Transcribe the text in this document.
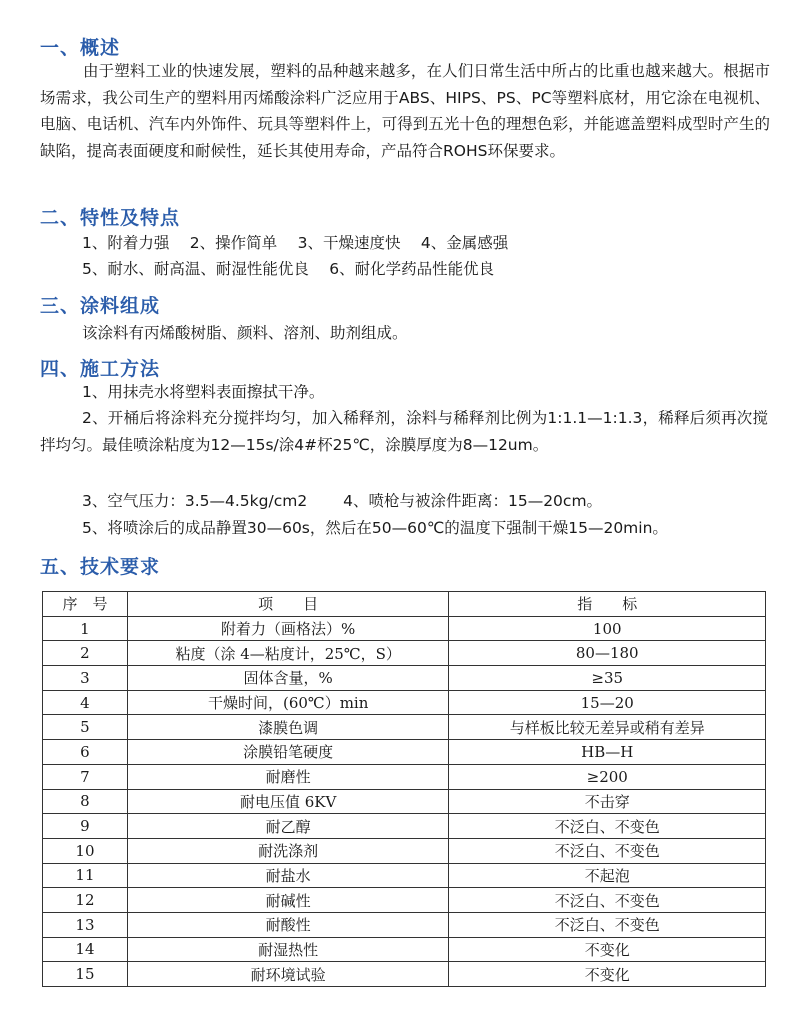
一、概述
由于塑料工业的快速发展，塑料的品种越来越多，在人们日常生活中所占的比重也越来越大。根据市场需求，我公司生产的塑料用丙烯酸涂料广泛应用于ABS、HIPS、PS、PC等塑料底材，用它涂在电视机、电脑、电话机、汽车内外饰件、玩具等塑料件上，可得到五光十色的理想色彩，并能遮盖塑料成型时产生的缺陷，提高表面硬度和耐候性，延长其使用寿命，产品符合ROHS环保要求。
二、特性及特点
1、附着力强　 2、操作简单　 3、干燥速度快　 4、金属感强
5、耐水、耐高温、耐湿性能优良　 6、耐化学药品性能优良
三、涂料组成
该涂料有丙烯酸树脂、颜料、溶剂、助剂组成。
四、施工方法
1、用抹壳水将塑料表面擦拭干净。
2、开桶后将涂料充分搅拌均匀，加入稀释剂，涂料与稀释剂比例为1:1.1—1:1.3，稀释后须再次搅拌均匀。最佳喷涂粘度为12—15s/涂4#杯25℃，涂膜厚度为8—12um。
3、空气压力：3.5—4.5kg/cm2　　 4、喷枪与被涂件距离：15—20cm。
5、将喷涂后的成品静置30—60s，然后在50—60℃的温度下强制干燥15—20min。
五、技术要求
序　号	项　　目	指　　标
1	附着力（画格法）%	100
2	粘度（涂 4—粘度计，25℃，S）	80—180
3	固体含量，%	≥35
4	干燥时间，(60℃）min	15—20
5	漆膜色调	与样板比较无差异或稍有差异
6	涂膜铅笔硬度	HB—H
7	耐磨性	≥200
8	耐电压值 6KV	不击穿
9	耐乙醇	不泛白、不变色
10	耐洗涤剂	不泛白、不变色
11	耐盐水	不起泡
12	耐碱性	不泛白、不变色
13	耐酸性	不泛白、不变色
14	耐湿热性	不变化
15	耐环境试验	不变化
